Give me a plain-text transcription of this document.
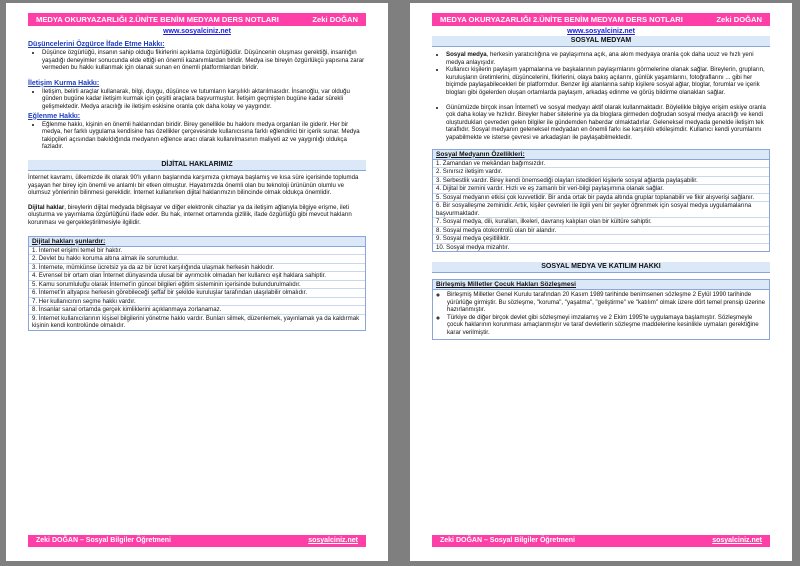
MEDYA OKURYAZARLIĞI 2.ÜNİTE BENİM MEDYAM DERS NOTLARI	Zeki DOĞAN
www.sosyalciniz.net
Düşüncelerini Özgürce İfade Etme Hakkı:
• Düşünce özgürlüğü, insanın sahip olduğu fikirlerini açıklama özgürlüğüdür. Düşüncenin oluşması gerektiği, insanlığın yaşadığı deneyimler sonucunda elde ettiği en önemli kazanımlardan biridir. Medya ise bireyin özgürlükçü yapısına zarar vermeden bu hakkı kullanmak için olanak sunan en önemli platformlardan biridir.
İletişim Kurma Hakkı:
• İletişim, belirli araçlar kullanarak, bilgi, duygu, düşünce ve tutumların karşılıklı aktarılmasıdır. İnsanoğlu, var olduğu günden bugüne kadar iletişim kurmak için çeşitli araçlara başvurmuştur. İletişim geçmişten bugüne kadar sürekli gelişmektedir. Medya aracılığı ile iletişim eskisine oranla çok daha kolay ve yaygındır.
Eğlenme Hakkı:
• Eğlenme hakkı, kişinin en önemli haklarından biridir. Birey genellikle bu hakkını medya organları ile giderir. Her bir medya, her farklı uygulama kendisine has özellikler çerçevesinde kullanıcısına farklı eğlendirici bir içerik sunar. Medya takipçileri açısından bakıldığında medyanın eğlence aracı olarak kullanılmasının maliyeti az ve yaygınlığı oldukça fazladır.
DİJİTAL HAKLARIMIZ

İnternet kavramı, ülkemizde ilk olarak 90'lı yılların başlarında karşımıza çıkmaya başlamış ve kısa süre içerisinde toplumda yaşayan her birey için önemli ve anlamlı bir etken olmuştur. Hayatımızda önemli olan bu teknoloji ürününün olumlu ve olumsuz yönlerinin bilinmesi gereklidir. İnternet kullanırken dijital haklarımızın bilincinde olmak oldukça önemlidir.

Dijital haklar, bireylerin dijital medyada bilgisayar ve diğer elektronik cihazlar ya da iletişim ağlarıyla bilgiye erişme, ileti oluşturma ve yayımlama özgürlüğünü ifade eder. Bu hak, internet ortamında gizlilik, ifade özgürlüğü gibi mevcut hakların korunması ve gerçekleştirilmesiyle ilgilidir.

Dijital hakları şunlardır:
1. İnternet erişimi temel bir haktır.
2. Devlet bu hakkı koruma altına almak ile sorumludur.
3. İnternete, mümkünse ücretsiz ya da az bir ücret karşılığında ulaşmak herkesin hakkıdır.
4. Evrensel bir ortam olan İnternet dünyasında ulusal bir ayrımcılık olmadan her kullanıcı eşit haklara sahiptir.
5. Kamu sorumluluğu olarak İnternet'in güncel bilgileri eğitim sisteminin içerisinde bulundurulmalıdır.
6. İnternet'in altyapısı herkesin görebileceği şeffaf bir şekilde kuruluşlar tarafından ulaşılabilir olmalıdır.
7. Her kullanıcının seçme hakkı vardır.
8. İnsanlar sanal ortamda gerçek kimliklerini açıklanmaya zorlanamaz.
9. İnternet kullanıcılarının kişisel bilgilerini yönetme hakkı vardır. Bunları silmek, düzenlemek, yayınlamak ya da kaldırmak kişinin kendi kontrolünde olmalıdır.
Zeki DOĞAN – Sosyal Bilgiler Öğretmeni	sosyalciniz.net
MEDYA OKURYAZARLIĞI 2.ÜNİTE BENİM MEDYAM DERS NOTLARI	Zeki DOĞAN
www.sosyalciniz.net
SOSYAL MEDYAM
• Sosyal medya, herkesin yaratıcılığına ve paylaşımına açık, ana akım medyaya oranla çok daha ucuz ve hızlı yeni medya anlayışıdır.
• Kullanıcı kişilerin paylaşım yapmalarına ve başkalarının paylaşımlarını görmelerine olanak sağlar. Bireylerin, grupların, kuruluşların üretimlerini, düşüncelerini, fikirlerini, olaya bakış açılarını, günlük yaşamlarını, fotoğraflarını ... gibi her biçimde paylaşabilecekleri bir platformdur. Benzer ilgi alanlarına sahip kişilere sosyal ağlar, bloglar, forumlar ve içerik blogları gibi ögelerden oluşan ortamlarda paylaşım, arkadaş edinme ve görüş bildirme olanakları sağlar.
• Günümüzde birçok insan İnternet'i ve sosyal medyayı aktif olarak kullanmaktadır. Böylelikle bilgiye erişim eskiye oranla çok daha kolay ve hızlıdır. Bireyler haber sitelerine ya da bloglara girmeden doğrudan sosyal medya aracılığı ve kendi oluşturdukları çevreden gelen bilgiler ile gündemden haberdar olmaktadırlar. Geleneksel medyada genelde iletişim tek taraflıdır. Sosyal medyanın geleneksel medyadan en önemli farkı ise karşılıklı etkileşimdir. Kullanıcı kendi yorumlarını yapabilmekte ve isterse çevresi ve arkadaşları ile paylaşabilmektedir.
Sosyal Medyanın Özellikleri:
1. Zamandan ve mekândan bağımsızdır.
2. Sınırsız iletişim vardır.
3. Serbestlik vardır. Birey kendi önemsediği olayları istedikleri kişilerle sosyal ağlarda paylaşabilir.
4. Dijital bir zemini vardır. Hızlı ve eş zamanlı bir veri-bilgi paylaşımına olanak sağlar.
5. Sosyal medyanın etkisi çok kuvvetlidir. Bir anda ortak bir payda altında gruplar toplanabilir ve fikir alışverişi sağlanır.
6. Bir sosyalleşme zeminidir. Artık, kişiler çevreleri ile ilgili yeni bir şeyler öğrenmek için sosyal medya uygulamalarına başvurmaktadır.
7. Sosyal medya, dili, kuralları, ilkeleri, davranış kalıpları olan bir kültüre sahiptir.
8. Sosyal medya otokontrolü olan bir alandır.
9. Sosyal medya çeşitliliktir.
10. Sosyal medya mizahtır.
SOSYAL MEDYA VE KATILIM HAKKI
Birleşmiş Milletler Çocuk Hakları Sözleşmesi
◦ Birleşmiş Milletler Genel Kurulu tarafından 20 Kasım 1989 tarihinde benimsenen sözleşme 2 Eylül 1990 tarihinde yürürlüğe girmiştir. Bu sözleşme, "koruma", "yaşatma", "geliştirme" ve "katılım" olmak üzere dört temel prensip üzerine hazırlanmıştır.
◦ Türkiye de diğer birçok devlet gibi sözleşmeyi imzalamış ve 2 Ekim 1995'te uygulamaya başlamıştır. Sözleşmeyle çocuk haklarının korunması amaçlanmıştır ve taraf devletlerin sözleşme maddelerine kesinlikle uymaları gerektiğine karar verilmiştir.
Zeki DOĞAN – Sosyal Bilgiler Öğretmeni	sosyalciniz.net
